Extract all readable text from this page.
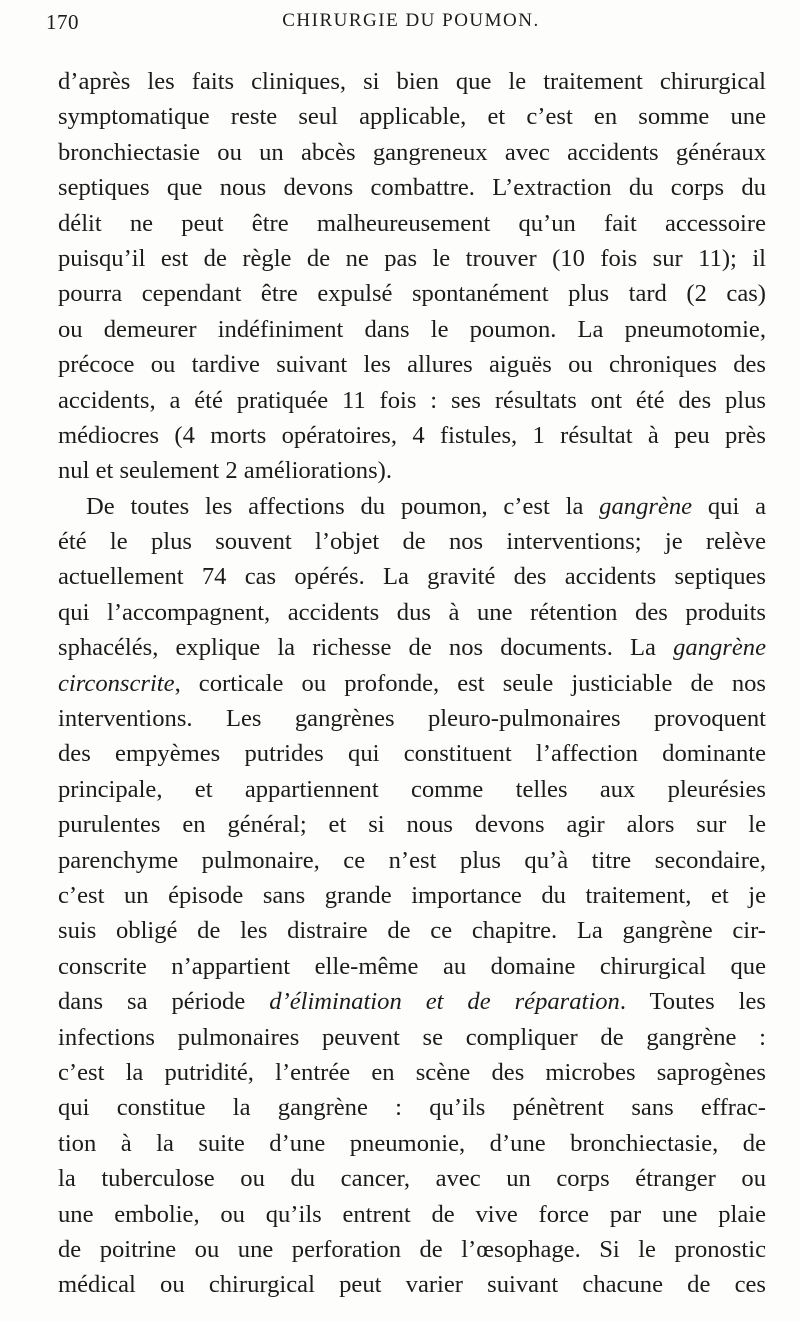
170	CHIRURGIE DU POUMON.
d’après les faits cliniques, si bien que le traitement chirurgical
symptomatique reste seul applicable, et c’est en somme une
bronchiectasie ou un abcès gangreneux avec accidents généraux
septiques que nous devons combattre. L’extraction du corps du
délit ne peut être malheureusement qu’un fait accessoire
puisqu’il est de règle de ne pas le trouver (10 fois sur 11); il
pourra cependant être expulsé spontanément plus tard (2 cas)
ou demeurer indéfiniment dans le poumon. La pneumotomie,
précoce ou tardive suivant les allures aiguës ou chroniques des
accidents, a été pratiquée 11 fois : ses résultats ont été des plus
médiocres (4 morts opératoires, 4 fistules, 1 résultat à peu près
nul et seulement 2 améliorations).
De toutes les affections du poumon, c’est la gangrène qui a
été le plus souvent l’objet de nos interventions; je relève
actuellement 74 cas opérés. La gravité des accidents septiques
qui l’accompagnent, accidents dus à une rétention des produits
sphacélés, explique la richesse de nos documents. La gangrène
circonscrite, corticale ou profonde, est seule justiciable de nos
interventions. Les gangrènes pleuro-pulmonaires provoquent
des empyèmes putrides qui constituent l’affection dominante
principale, et appartiennent comme telles aux pleurésies
purulentes en général; et si nous devons agir alors sur le
parenchyme pulmonaire, ce n’est plus qu’à titre secondaire,
c’est un épisode sans grande importance du traitement, et je
suis obligé de les distraire de ce chapitre. La gangrène cir-
conscrite n’appartient elle-même au domaine chirurgical que
dans sa période d’élimination et de réparation. Toutes les
infections pulmonaires peuvent se compliquer de gangrène :
c’est la putridité, l’entrée en scène des microbes saprogènes
qui constitue la gangrène : qu’ils pénètrent sans effrac-
tion à la suite d’une pneumonie, d’une bronchiectasie, de
la tuberculose ou du cancer, avec un corps étranger ou
une embolie, ou qu’ils entrent de vive force par une plaie
de poitrine ou une perforation de l’œsophage. Si le pronostic
médical ou chirurgical peut varier suivant chacune de ces
